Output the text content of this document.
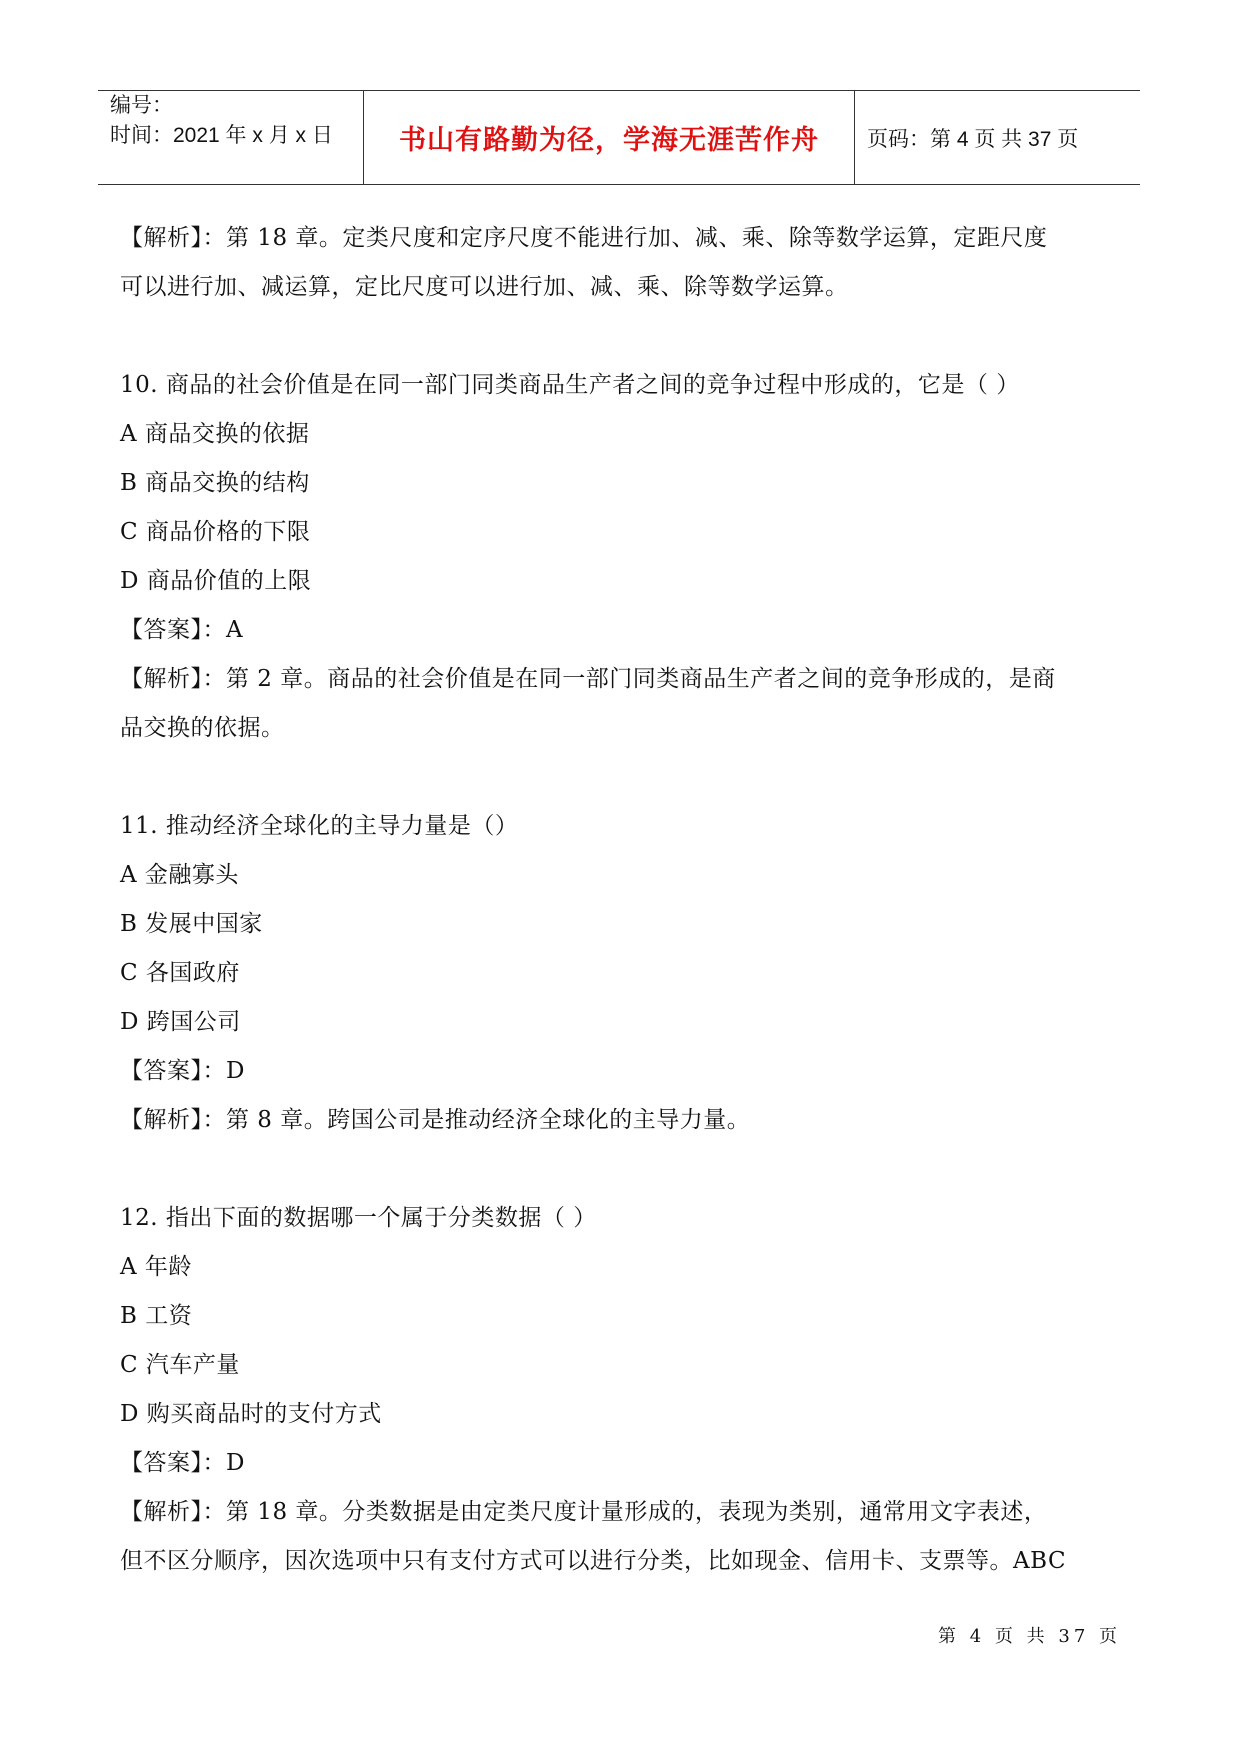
编号：
时间：2021 年 x 月 x 日	书山有路勤为径，学海无涯苦作舟	页码：第 4 页 共 37 页
【解析】：第 18 章。定类尺度和定序尺度不能进行加、减、乘、除等数学运算，定距尺度
可以进行加、减运算，定比尺度可以进行加、减、乘、除等数学运算。
10. 商品的社会价值是在同一部门同类商品生产者之间的竞争过程中形成的，它是（ ）
A 商品交换的依据
B 商品交换的结构
C 商品价格的下限
D 商品价值的上限
【答案】：A
【解析】：第 2 章。商品的社会价值是在同一部门同类商品生产者之间的竞争形成的，是商
品交换的依据。
11. 推动经济全球化的主导力量是（）
A 金融寡头
B 发展中国家
C 各国政府
D 跨国公司
【答案】：D
【解析】：第 8 章。跨国公司是推动经济全球化的主导力量。
12. 指出下面的数据哪一个属于分类数据（ ）
A 年龄
B 工资
C 汽车产量
D 购买商品时的支付方式
【答案】：D
【解析】：第 18 章。分类数据是由定类尺度计量形成的，表现为类别，通常用文字表述，
但不区分顺序，因次选项中只有支付方式可以进行分类，比如现金、信用卡、支票等。ABC
第 4 页 共 37 页
